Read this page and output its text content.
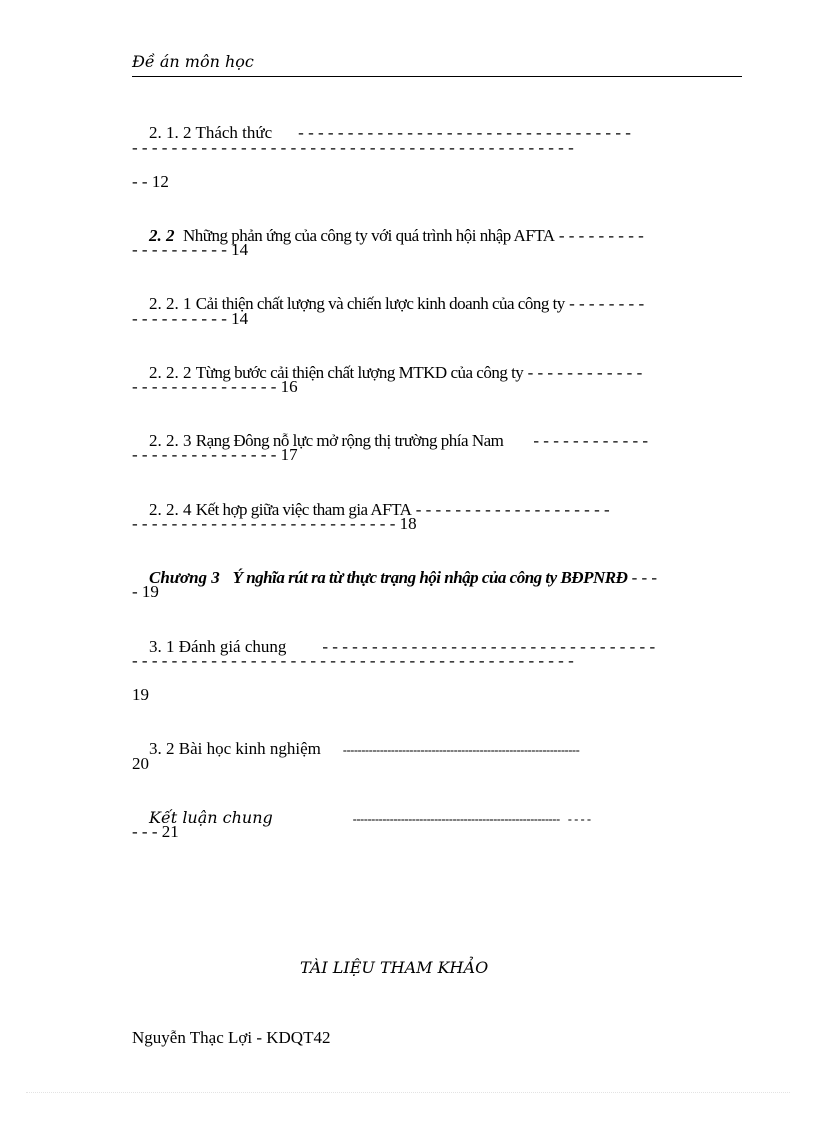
Đề án môn học

2. 1. 2 Thách thức - - - - - - - - - - - - - - - - - - - - - - - - - - - - - - - - - -

- - - - - - - - - - - - - - - - - - - - - - - - - - - - - - - - - - - - - - - - - - - - -
- - 12

2. 2 Những phản ứng của công ty với quá trình hội nhập AFTA - - - - - - - - -

- - - - - - - - - - 14

2. 2. 1 Cải thiện chất lượng và chiến lược kinh doanh của công ty - - - - - - - -

- - - - - - - - - - 14

2. 2. 2 Từng bước cải thiện chất lượng MTKD của công ty - - - - - - - - - - - -

- - - - - - - - - - - - - - - 16

2. 2. 3 Rạng Đông nỗ lực mở rộng thị trường phía Nam - - - - - - - - - - - -

- - - - - - - - - - - - - - - 17

2. 2. 4 Kết hợp giữa việc tham gia AFTA - - - - - - - - - - - - - - - - - - - -

- - - - - - - - - - - - - - - - - - - - - - - - - - - 18

Chương 3 Ý nghĩa rút ra từ thực trạng hội nhập của công ty BĐPNRĐ - - -

- 19

3. 1 Đánh giá chung - - - - - - - - - - - - - - - - - - - - - - - - - - - - - - - - - -

- - - - - - - - - - - - - - - - - - - - - - - - - - - - - - - - - - - - - - - - - - - - -
19

3. 2 Bài học kinh nghiệm ----------------------------------------------------------------

20

Kết luận chung	--------------------------------------------------------   - - - -

- - - 21
TÀI LIỆU THAM KHẢO
Nguyễn Thạc Lợi - KDQT42
